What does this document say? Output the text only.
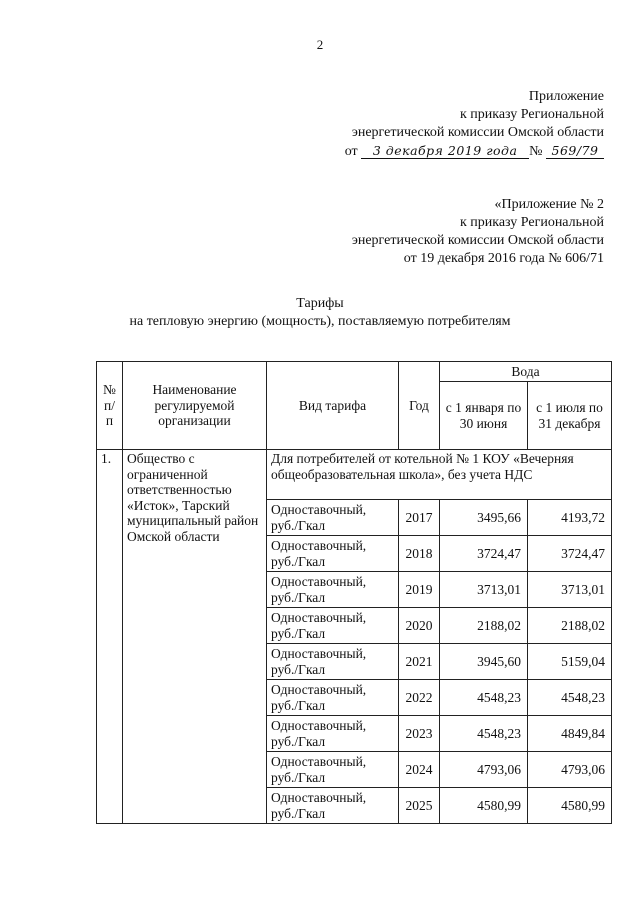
2
Приложение
к приказу Региональной
энергетической комиссии Омской области
от 3 декабря 2019 года № 569/79
«Приложение № 2
к приказу Региональной
энергетической комиссии Омской области
от 19 декабря 2016 года № 606/71
Тарифы
на тепловую энергию (мощность), поставляемую потребителям
№ п/п	Наименование регулируемой организации	Вид тарифа	Год	Вода	
				с 1 января по 30 июня	с 1 июля по 31 декабря
1.	Общество с ограниченной ответственностью «Исток», Тарский муниципальный район Омской области	Для потребителей от котельной № 1 КОУ «Вечерняя общеобразовательная школа», без учета НДС			
		Одноставочный, руб./Гкал	2017	3495,66	4193,72
		Одноставочный, руб./Гкал	2018	3724,47	3724,47
		Одноставочный, руб./Гкал	2019	3713,01	3713,01
		Одноставочный, руб./Гкал	2020	2188,02	2188,02
		Одноставочный, руб./Гкал	2021	3945,60	5159,04
		Одноставочный, руб./Гкал	2022	4548,23	4548,23
		Одноставочный, руб./Гкал	2023	4548,23	4849,84
		Одноставочный, руб./Гкал	2024	4793,06	4793,06
		Одноставочный, руб./Гкал	2025	4580,99	4580,99
